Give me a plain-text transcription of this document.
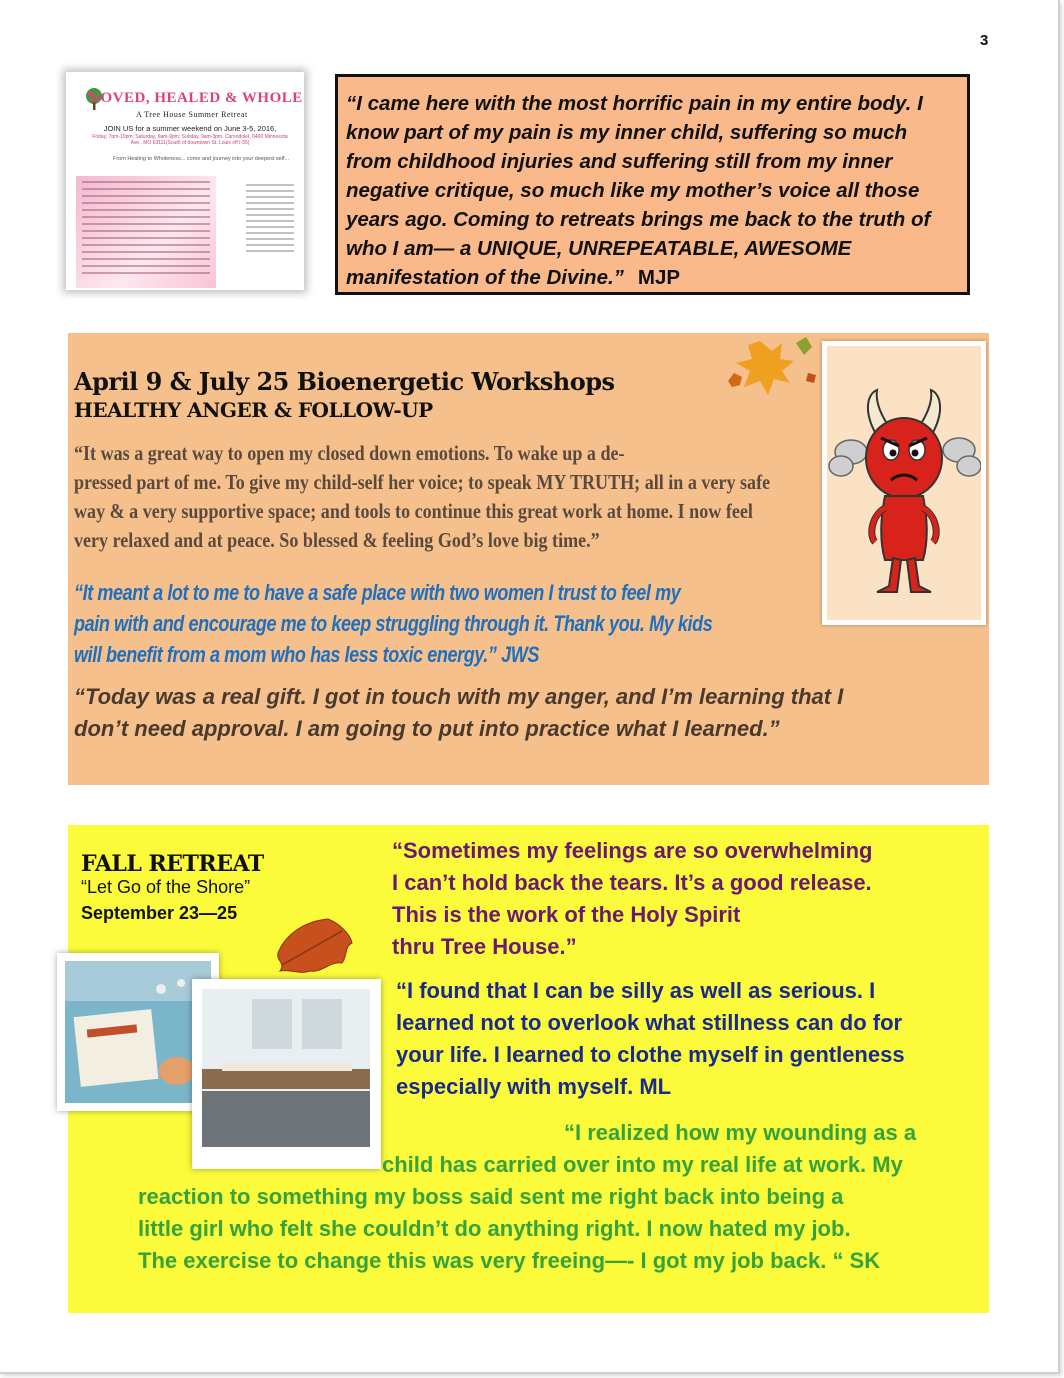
3
LOVED, HEALED & WHOLE
A Tree House Summer Retreat
JOIN US for a summer weekend on June 3-5, 2016,
Friday, 7pm-10pm; Saturday, 9am-9pm; Sunday, 9am-3pm. Carondolet, 6400 Minnesota Ave., MO 63111(South of downtown St. Louis off I-55)
From Healing to Wholeness... come and journey into your deepest self...

“I came here with the most horrific pain in my entire body. I know part of my pain is my inner child, suffering so much from childhood injuries and suffering still from my inner negative critique, so much like my mother’s voice all those years ago. Coming to retreats brings me back to the truth of who I am— a UNIQUE, UNREPEATABLE, AWESOME manifestation of the Divine.” MJP

April 9 & July 25 Bioenergetic Workshops
HEALTHY ANGER & FOLLOW-UP

“It was a great way to open my closed down emotions. To wake up a de-
pressed part of me. To give my child-self her voice; to speak MY TRUTH; all in a very safe
way & a very supportive space; and tools to continue this great work at home. I now feel
very relaxed and at peace. So blessed & feeling God’s love big time.”

“It meant a lot to me to have a safe place with two women I trust to feel my
pain with and encourage me to keep struggling through it. Thank you. My kids
will benefit from a mom who has less toxic energy.” JWS

“Today was a real gift. I got in touch with my anger, and I’m learning that I
don’t need approval. I am going to put into practice what I learned.”

FALL RETREAT
“Let Go of the Shore”
September 23—25

“Sometimes my feelings are so overwhelming
I can’t hold back the tears. It’s a good release.
This is the work of the Holy Spirit
thru Tree House.”

“I found that I can be silly as well as serious. I
learned not to overlook what stillness can do for
your life. I learned to clothe myself in gentleness
especially with myself. ML

“I realized how my wounding as a

child has carried over into my real life at work. My

reaction to something my boss said sent me right back into being a
little girl who felt she couldn’t do anything right. I now hated my job.
The exercise to change this was very freeing—- I got my job back. “ SK
